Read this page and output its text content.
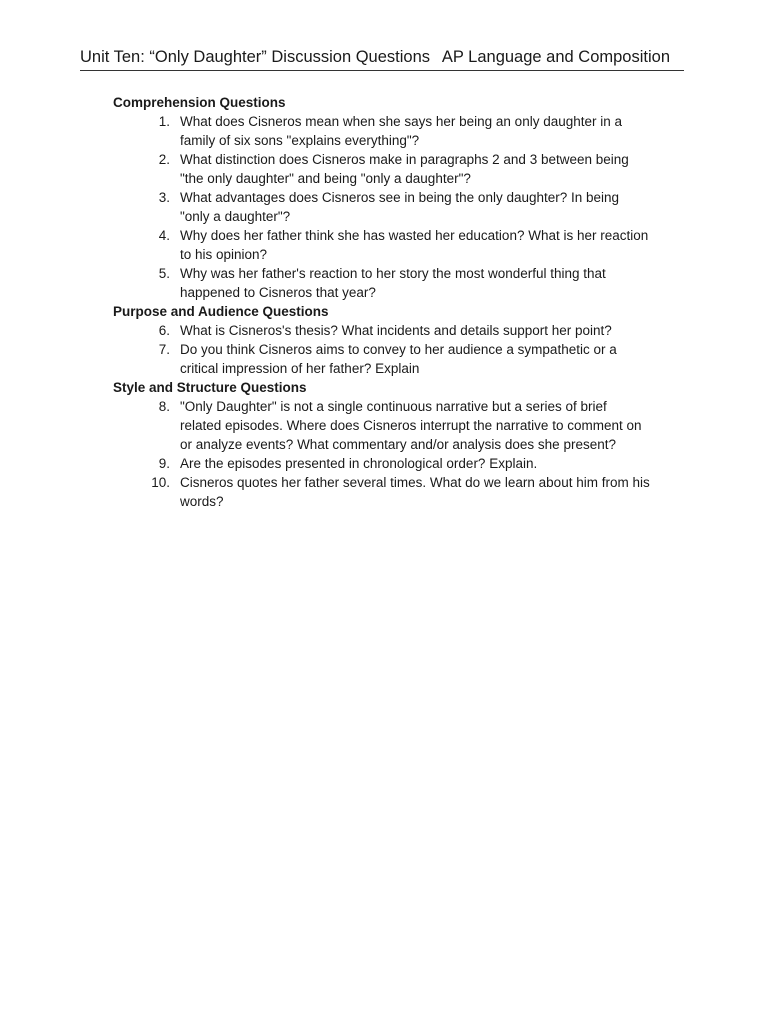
Unit Ten: “Only Daughter” Discussion Questions AP Language and Composition
Comprehension Questions
1. What does Cisneros mean when she says her being an only daughter in a family of six sons "explains everything"?
2. What distinction does Cisneros make in paragraphs 2 and 3 between being "the only daughter" and being "only a daughter"?
3. What advantages does Cisneros see in being the only daughter? In being "only a daughter"?
4. Why does her father think she has wasted her education? What is her reaction to his opinion?
5. Why was her father's reaction to her story the most wonderful thing that happened to Cisneros that year?
Purpose and Audience Questions
6. What is Cisneros's thesis? What incidents and details support her point?
7. Do you think Cisneros aims to convey to her audience a sympathetic or a critical impression of her father? Explain
Style and Structure Questions
8. "Only Daughter" is not a single continuous narrative but a series of brief related episodes. Where does Cisneros interrupt the narrative to comment on or analyze events? What commentary and/or analysis does she present?
9. Are the episodes presented in chronological order? Explain.
10. Cisneros quotes her father several times. What do we learn about him from his words?
